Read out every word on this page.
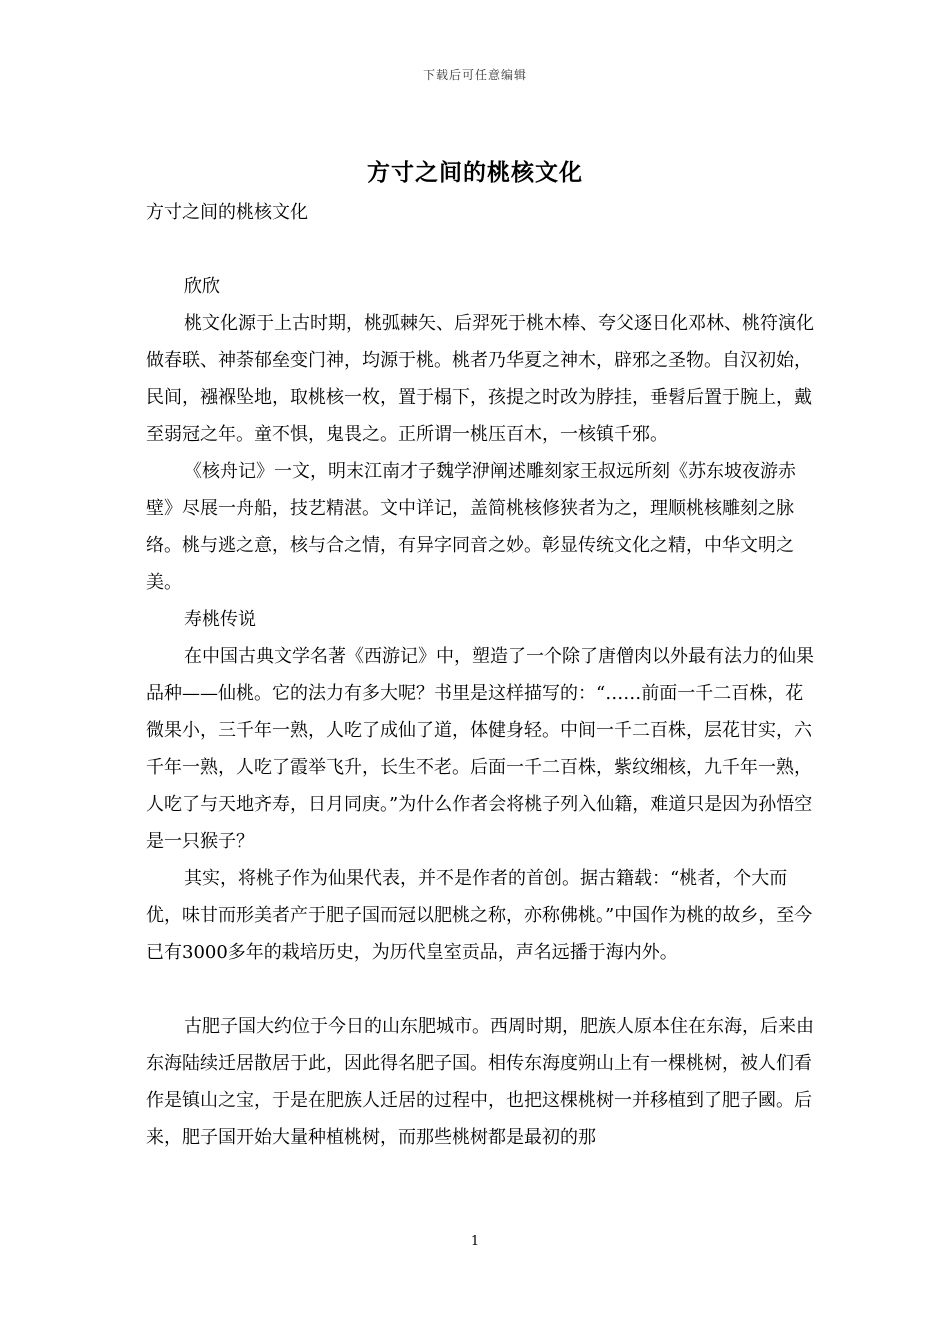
下载后可任意编辑
方寸之间的桃核文化

方寸之间的桃核文化

欣欣

桃文化源于上古时期，桃弧棘矢、后羿死于桃木棒、夸父逐日化邓林、桃符演化做春联、神荼郁垒变门神，均源于桃。桃者乃华夏之神木，辟邪之圣物。自汉初始，民间，襁褓坠地，取桃核一枚，置于榻下，孩提之时改为脖挂，垂髫后置于腕上，戴至弱冠之年。童不惧，鬼畏之。正所谓一桃压百木，一核镇千邪。

《核舟记》一文，明末江南才子魏学洢阐述雕刻家王叔远所刻《苏东坡夜游赤壁》尽展一舟船，技艺精湛。文中详记，盖简桃核修狭者为之，理顺桃核雕刻之脉络。桃与逃之意，核与合之情，有异字同音之妙。彰显传统文化之精，中华文明之美。

寿桃传说

在中国古典文学名著《西游记》中，塑造了一个除了唐僧肉以外最有法力的仙果品种——仙桃。它的法力有多大呢？书里是这样描写的：“……前面一千二百株，花微果小，三千年一熟，人吃了成仙了道，体健身轻。中间一千二百株，层花甘实，六千年一熟，人吃了霞举飞升，长生不老。后面一千二百株，紫纹缃核，九千年一熟，人吃了与天地齐寿，日月同庚。”为什么作者会将桃子列入仙籍，难道只是因为孙悟空是一只猴子？

其实，将桃子作为仙果代表，并不是作者的首创。据古籍载：“桃者，个大而优，味甘而形美者产于肥子国而冠以肥桃之称，亦称佛桃。”中国作为桃的故乡，至今已有3000多年的栽培历史，为历代皇室贡品，声名远播于海内外。

古肥子国大约位于今日的山东肥城市。西周时期，肥族人原本住在东海，后来由东海陆续迁居散居于此，因此得名肥子国。相传东海度朔山上有一棵桃树，被人们看作是镇山之宝，于是在肥族人迁居的过程中，也把这棵桃树一并移植到了肥子國。后来，肥子国开始大量种植桃树，而那些桃树都是最初的那

1
